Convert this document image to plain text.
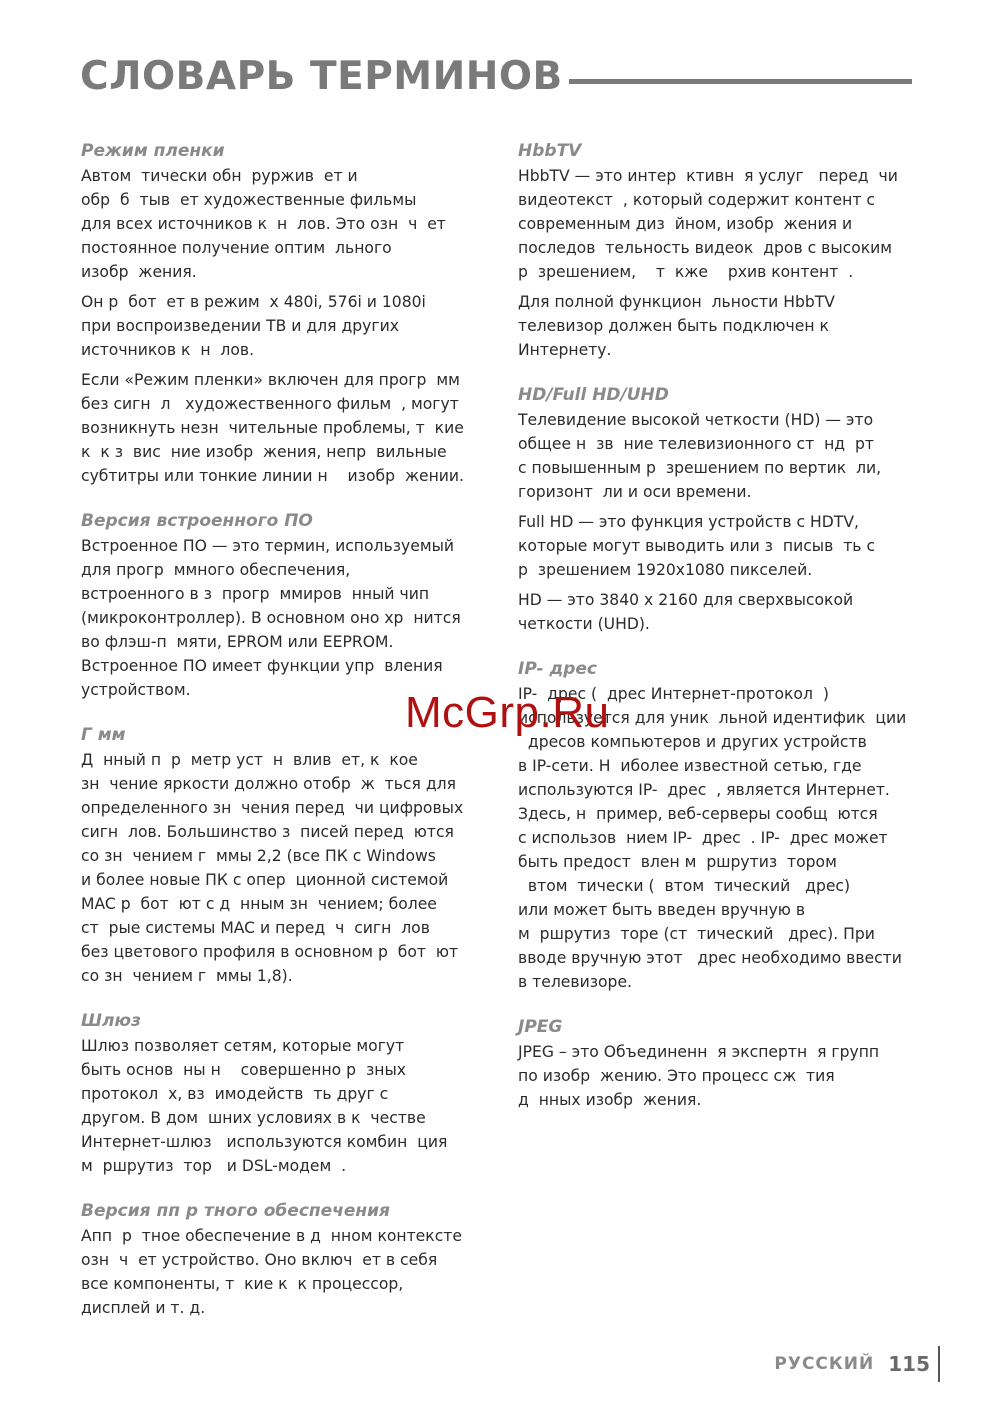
СЛОВАРЬ ТЕРМИНОВ
Режим пленки
Автом  тически обн  руржив  ет и
обр  б  тыв  ет художественные фильмы
для всех источников к  н  лов. Это озн  ч  ет
постоянное получение оптим  льного
изобр  жения.
Он р  бот  ет в режим  х 480i, 576i и 1080i
при воспроизведении ТВ и для других
источников к  н  лов.
Если «Режим пленки» включен для прогр  мм
без сигн  л   художественного фильм  , могут
возникнуть незн  чительные проблемы, т  кие
к  к з  вис  ние изобр  жения, непр  вильные
субтитры или тонкие линии н    изобр  жении.
Версия встроенного ПО
Встроенное ПО — это термин, используемый
для прогр  ммного обеспечения,
встроенного в з  прогр  ммиров  нный чип
(микроконтроллер). В основном оно хр  нится
во флэш-п  мяти, EPROM или EEPROM.
Встроенное ПО имеет функции упр  вления
устройством.
Г мм
Д  нный п  р  метр уст  н  влив  ет, к  кое
зн  чение яркости должно отобр  ж  ться для
определенного зн  чения перед  чи цифровых
сигн  лов. Большинство з  писей перед  ются
со зн  чением г  ммы 2,2 (все ПК с Windows
и более новые ПК с опер  ционной системой
MAC р  бот  ют с д  нным зн  чением; более
ст  рые системы MAC и перед  ч  сигн  лов
без цветового профиля в основном р  бот  ют
со зн  чением г  ммы 1,8).
Шлюз
Шлюз позволяет сетям, которые могут
быть основ  ны н    совершенно р  зных
протокол  х, вз  имодейств  ть друг с
другом. В дом  шних условиях в к  честве
Интернет-шлюз   используются комбин  ция
м  ршрутиз  тор   и DSL-модем  .
Версия пп р тного обеспечения
Апп  р  тное обеспечение в д  нном контексте
озн  ч  ет устройство. Оно включ  ет в себя
все компоненты, т  кие к  к процессор,
дисплей и т. д.
HbbTV
HbbTV — это интер  ктивн  я услуг   перед  чи
видеотекст  , который содержит контент с
современным диз  йном, изобр  жения и
последов  тельность видеок  дров с высоким
р  зрешением,    т  кже    рхив контент  .
Для полной функцион  льности HbbTV
телевизор должен быть подключен к
Интернету.
HD/Full HD/UHD
Телевидение высокой четкости (HD) — это
общее н  зв  ние телевизионного ст  нд  рт
с повышенным р  зрешением по вертик  ли,
горизонт  ли и оси времени.
Full HD — это функция устройств с HDTV,
которые могут выводить или з  писыв  ть с
р  зрешением 1920x1080 пикселей.
HD — это 3840 x 2160 для сверхвысокой
четкости (UHD).
IP- дрес
IP-  дрес (  дрес Интернет-протокол  )
используется для уник  льной идентифик  ции
дресов компьютеров и других устройств
в IP-сети. Н  иболее известной сетью, где
используются IP-  дрес  , является Интернет.
Здесь, н  пример, веб-серверы сообщ  ются
с использов  нием IP-  дрес  . IP-  дрес может
быть предост  влен м  ршрутиз  тором
втом  тически (  втом  тический   дрес)
или может быть введен вручную в
м  ршрутиз  торе (ст  тический   дрес). При
вводе вручную этот   дрес необходимо ввести
в телевизоре.
JPEG
JPEG – это Объединенн  я экспертн  я групп
по изобр  жению. Это процесс сж  тия
д  нных изобр  жения.
McGrp.Ru
РУССКИЙ 115
